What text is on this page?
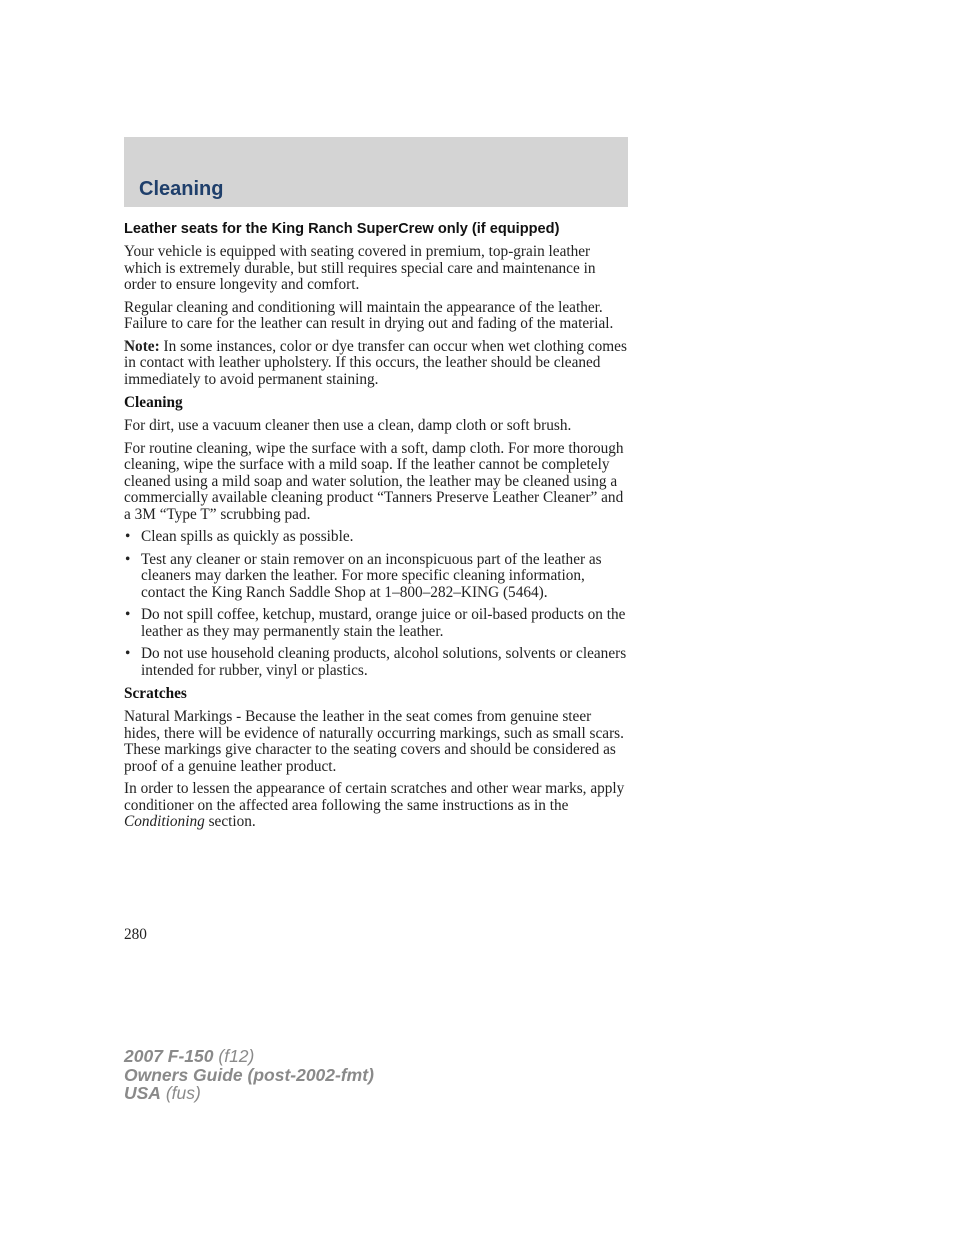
Cleaning
Leather seats for the King Ranch SuperCrew only (if equipped)

Your vehicle is equipped with seating covered in premium, top-grain leather which is extremely durable, but still requires special care and maintenance in order to ensure longevity and comfort.

Regular cleaning and conditioning will maintain the appearance of the leather. Failure to care for the leather can result in drying out and fading of the material.

Note: In some instances, color or dye transfer can occur when wet clothing comes in contact with leather upholstery. If this occurs, the leather should be cleaned immediately to avoid permanent staining.

Cleaning

For dirt, use a vacuum cleaner then use a clean, damp cloth or soft brush.

For routine cleaning, wipe the surface with a soft, damp cloth. For more thorough cleaning, wipe the surface with a mild soap. If the leather cannot be completely cleaned using a mild soap and water solution, the leather may be cleaned using a commercially available cleaning product “Tanners Preserve Leather Cleaner” and a 3M “Type T” scrubbing pad.

• Clean spills as quickly as possible.
• Test any cleaner or stain remover on an inconspicuous part of the leather as cleaners may darken the leather. For more specific cleaning information, contact the King Ranch Saddle Shop at 1–800–282–KING (5464).
• Do not spill coffee, ketchup, mustard, orange juice or oil-based products on the leather as they may permanently stain the leather.
• Do not use household cleaning products, alcohol solutions, solvents or cleaners intended for rubber, vinyl or plastics.
Scratches

Natural Markings - Because the leather in the seat comes from genuine steer hides, there will be evidence of naturally occurring markings, such as small scars. These markings give character to the seating covers and should be considered as proof of a genuine leather product.

In order to lessen the appearance of certain scratches and other wear marks, apply conditioner on the affected area following the same instructions as in the Conditioning section.

280
2007 F-150 (f12)
Owners Guide (post-2002-fmt)
USA (fus)
